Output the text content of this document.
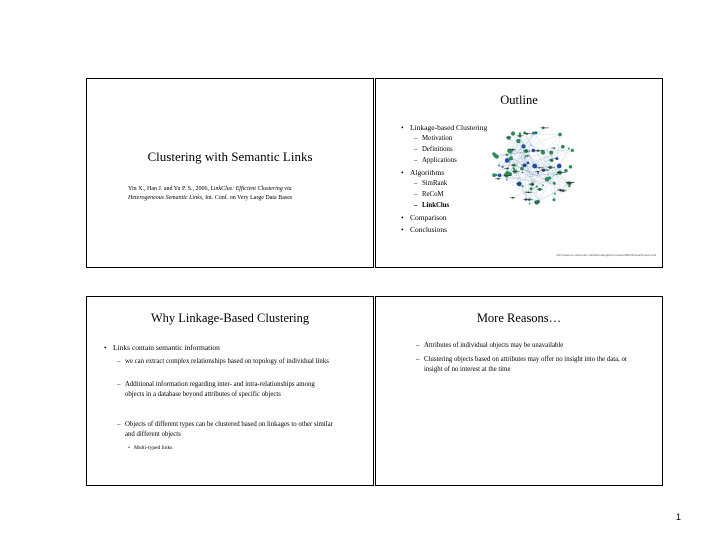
Clustering with Semantic Links
Yin X., Han J. and Yu P. S., 2006, LinkClus: Efficient Clustering via Heterogeneous Semantic Links, Int. Conf. on Very Large Data Bases
Outline
• Linkage-based Clustering
– Motivation
– Definitions
– Applications
• Algorithms
– SimRank
– ReCoM
– LinkClus
• Comparison
• Conclusions
http://www.cs.utah.edu/~hal/web-site/graph-cluster/2004/11/wordpress.html
Why Linkage-Based Clustering
• Links contain semantic information
– we can extract complex relationships based on topology of individual links
– Additional information regarding inter- and intra-relationships among objects in a database beyond attributes of specific objects
– Objects of different types can be clustered based on linkages to other similar and different objects
• Multi-typed links
More Reasons…
– Attributes of individual objects may be unavailable
– Clustering objects based on attributes may offer no insight into the data, or insight of no interest at the time
1
